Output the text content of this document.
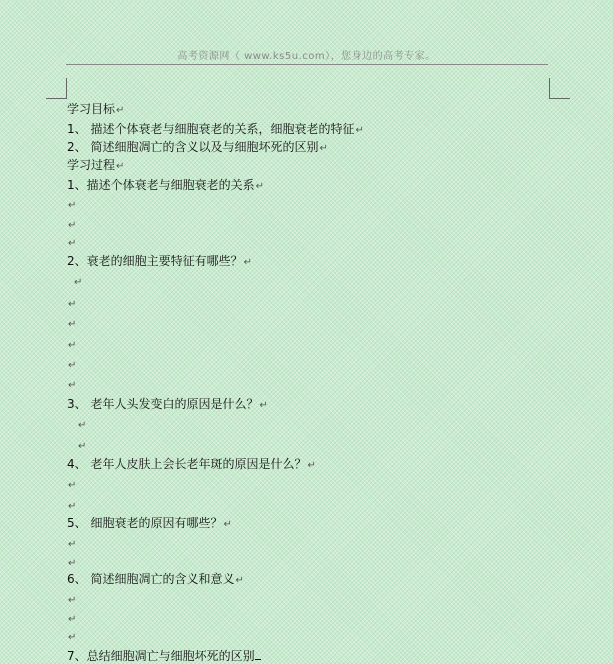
高考资源网（ www.ks5u.com），您身边的高考专家。
学习目标↵
1、 描述个体衰老与细胞衰老的关系，细胞衰老的特征↵
2、 简述细胞凋亡的含义以及与细胞坏死的区别↵
学习过程↵
1、描述个体衰老与细胞衰老的关系↵
↵
↵
↵
2、衰老的细胞主要特征有哪些？↵
↵
↵
↵
↵
↵
↵
3、 老年人头发变白的原因是什么？↵
↵
↵
4、 老年人皮肤上会长老年斑的原因是什么？↵
↵
↵
5、 细胞衰老的原因有哪些？↵
↵
↵
6、 简述细胞凋亡的含义和意义↵
↵
↵
↵
7、总结细胞凋亡与细胞坏死的区别
